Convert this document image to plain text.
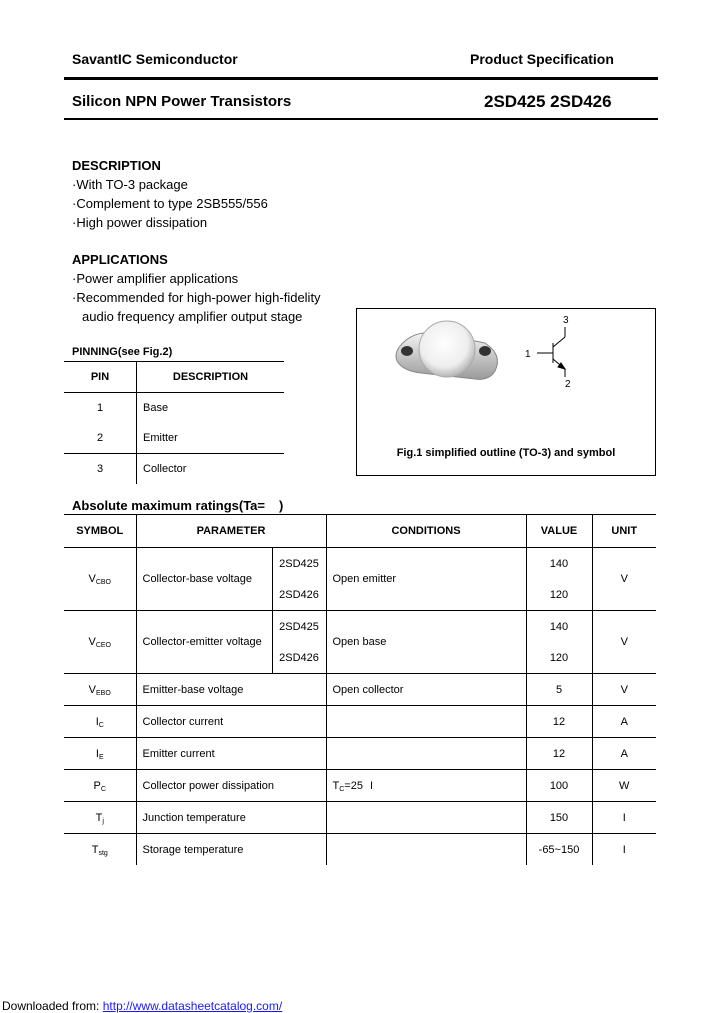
SavantIC Semiconductor	Product Specification
Silicon NPN Power Transistors	2SD425 2SD426
DESCRIPTION
·With TO-3 package
·Complement to type 2SB555/556
·High power dissipation
APPLICATIONS
·Power amplifier applications
·Recommended for high-power high-fidelity
audio frequency amplifier output stage
PINNING(see Fig.2)
PIN	DESCRIPTION
1	Base
2	Emitter
3	Collector
1
2
3
Fig.1 simplified outline (TO-3) and symbol
Absolute maximum ratings(Ta= )
SYMBOL	PARAMETER		CONDITIONS	VALUE	UNIT
VCBO	Collector-base voltage	2SD425	Open emitter	140	V
		2SD426		120	
VCEO	Collector-emitter voltage	2SD425	Open base	140	V
		2SD426		120	
VEBO	Emitter-base voltage		Open collector	5	V
IC	Collector current			12	A
IE	Emitter current			12	A
PC	Collector power dissipation		TC=25 I	100	W
Tj	Junction temperature			150	I
Tstg	Storage temperature			-65~150	I
Downloaded from: http://www.datasheetcatalog.com/
